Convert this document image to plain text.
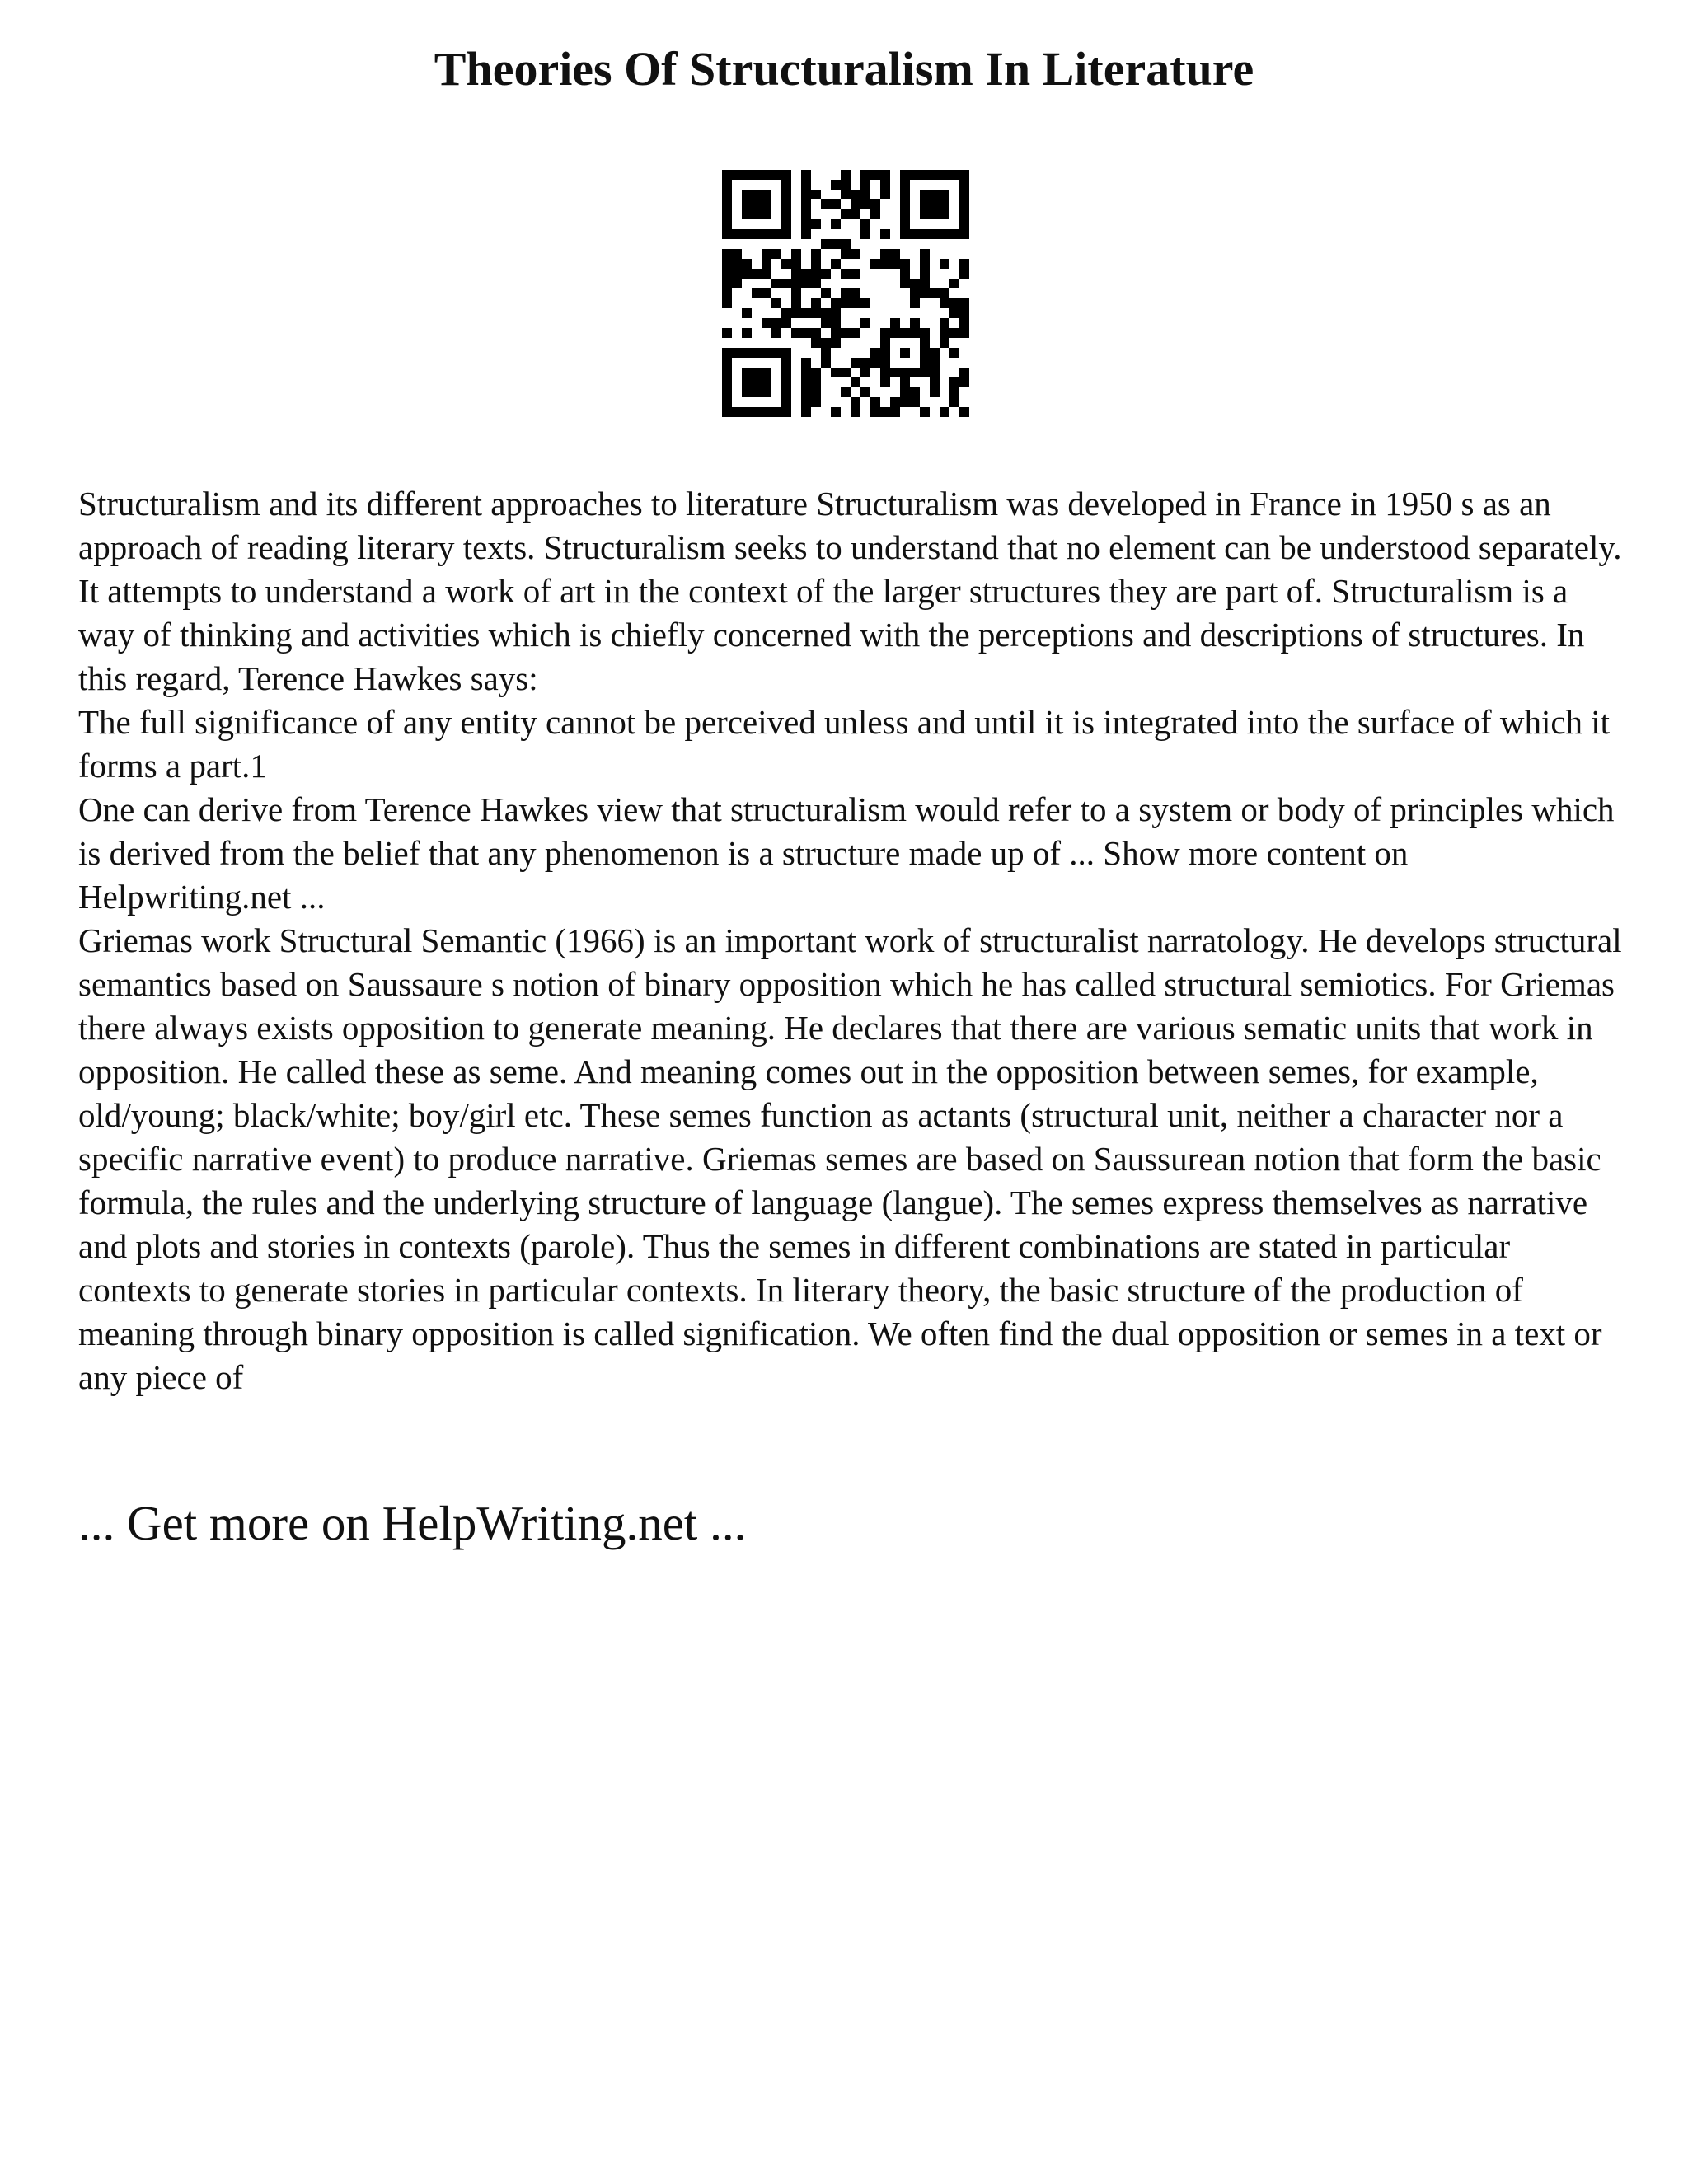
Theories Of Structuralism In Literature

Structuralism and its different approaches to literature Structuralism was developed in France in 1950 s as an approach of reading literary texts. Structuralism seeks to understand that no element can be understood separately. It attempts to understand a work of art in the context of the larger structures they are part of. Structuralism is a way of thinking and activities which is chiefly concerned with the perceptions and descriptions of structures. In this regard, Terence Hawkes says:

The full significance of any entity cannot be perceived unless and until it is integrated into the surface of which it forms a part.1

One can derive from Terence Hawkes view that structuralism would refer to a system or body of principles which is derived from the belief that any phenomenon is a structure made up of ... Show more content on Helpwriting.net ...

Griemas work Structural Semantic (1966) is an important work of structuralist narratology. He develops structural semantics based on Saussaure s notion of binary opposition which he has called structural semiotics. For Griemas there always exists opposition to generate meaning. He declares that there are various sematic units that work in opposition. He called these as seme. And meaning comes out in the opposition between semes, for example, old/young; black/white; boy/girl etc. These semes function as actants (structural unit, neither a character nor a specific narrative event) to produce narrative. Griemas semes are based on Saussurean notion that form the basic formula, the rules and the underlying structure of language (langue). The semes express themselves as narrative and plots and stories in contexts (parole). Thus the semes in different combinations are stated in particular contexts to generate stories in particular contexts. In literary theory, the basic structure of the production of meaning through binary opposition is called signification. We often find the dual opposition or semes in a text or any piece of

... Get more on HelpWriting.net ...
